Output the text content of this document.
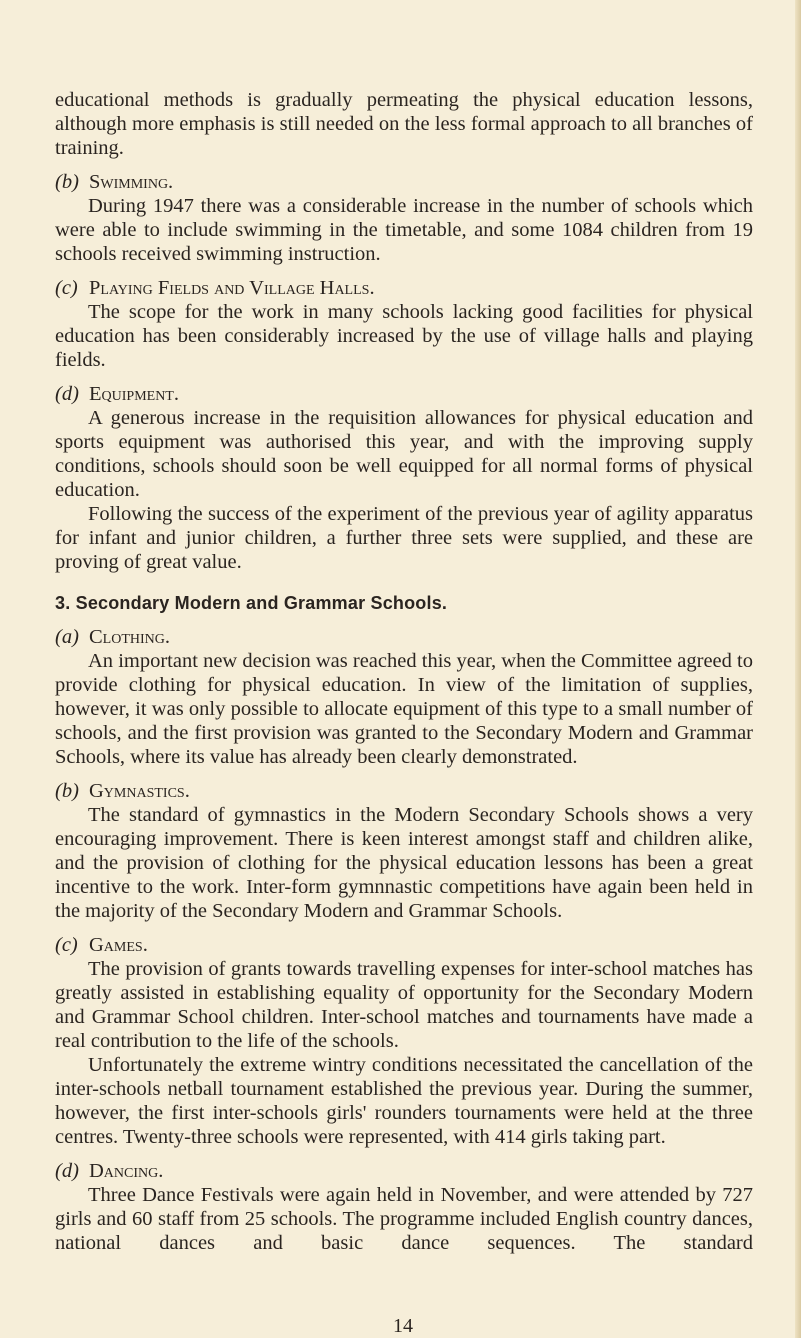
educational methods is gradually permeating the physical education lessons, although more emphasis is still needed on the less formal approach to all branches of training.

(b) Swimming.

During 1947 there was a considerable increase in the number of schools which were able to include swimming in the timetable, and some 1084 children from 19 schools received swimming instruction.

(c) Playing Fields and Village Halls.

The scope for the work in many schools lacking good facilities for physical education has been considerably increased by the use of village halls and playing fields.

(d) Equipment.

A generous increase in the requisition allowances for physical education and sports equipment was authorised this year, and with the improving supply conditions, schools should soon be well equipped for all normal forms of physical education.

Following the success of the experiment of the previous year of agility apparatus for infant and junior children, a further three sets were supplied, and these are proving of great value.

3. Secondary Modern and Grammar Schools.

(a) Clothing.

An important new decision was reached this year, when the Committee agreed to provide clothing for physical education. In view of the limitation of supplies, however, it was only possible to allocate equipment of this type to a small number of schools, and the first provision was granted to the Secondary Modern and Grammar Schools, where its value has already been clearly demonstrated.

(b) Gymnastics.

The standard of gymnastics in the Modern Secondary Schools shows a very encouraging improvement. There is keen interest amongst staff and children alike, and the provision of clothing for the physical education lessons has been a great incentive to the work. Inter-form gymnnastic competitions have again been held in the majority of the Secondary Modern and Grammar Schools.

(c) Games.

The provision of grants towards travelling expenses for inter-school matches has greatly assisted in establishing equality of opportunity for the Secondary Modern and Grammar School children. Inter-school matches and tournaments have made a real contribution to the life of the schools.

Unfortunately the extreme wintry conditions necessitated the cancellation of the inter-schools netball tournament established the previous year. During the summer, however, the first inter-schools girls' rounders tournaments were held at the three centres. Twenty-three schools were represented, with 414 girls taking part.

(d) Dancing.

Three Dance Festivals were again held in November, and were attended by 727 girls and 60 staff from 25 schools. The programme included English country dances, national dances and basic dance sequences. The standard

14
